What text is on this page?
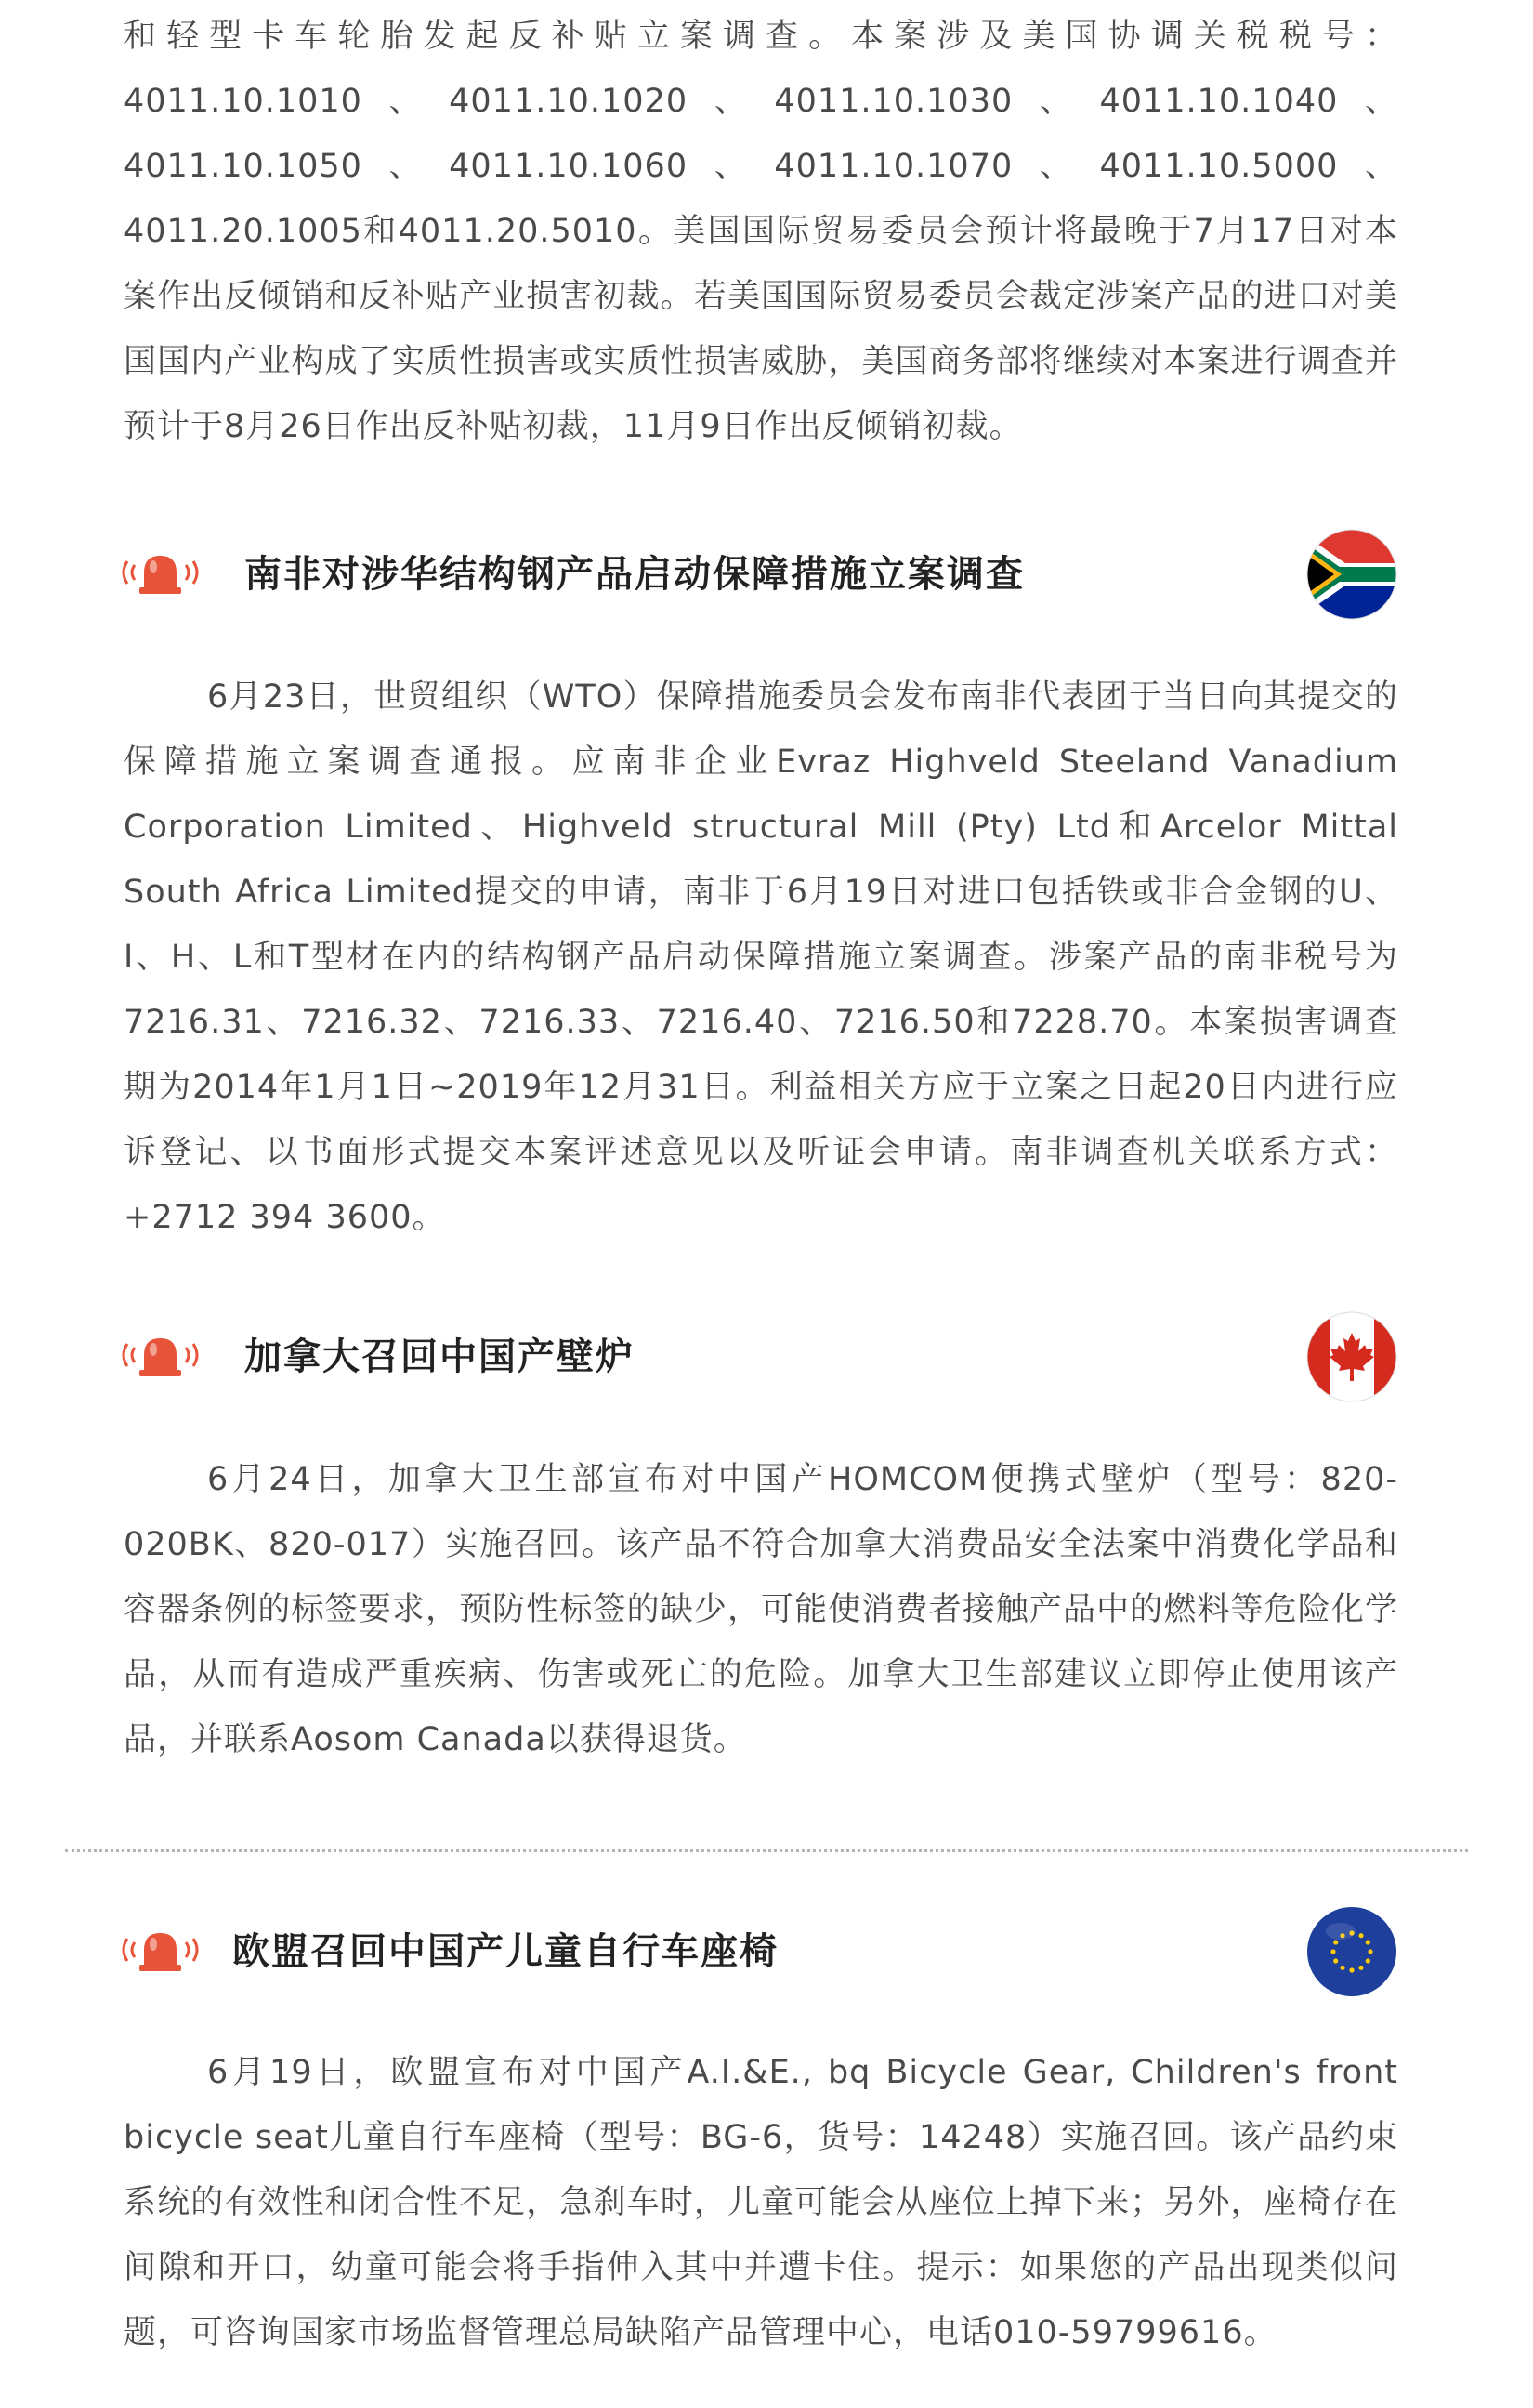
和轻型卡车轮胎发起反补贴立案调查。本案涉及美国协调关税税号：4011.10.1010、4011.10.1020、4011.10.1030、4011.10.1040、4011.10.1050、4011.10.1060、4011.10.1070、4011.10.5000、4011.20.1005和4011.20.5010。美国国际贸易委员会预计将最晚于7月17日对本案作出反倾销和反补贴产业损害初裁。若美国国际贸易委员会裁定涉案产品的进口对美国国内产业构成了实质性损害或实质性损害威胁，美国商务部将继续对本案进行调查并预计于8月26日作出反补贴初裁，11月9日作出反倾销初裁。

南非对涉华结构钢产品启动保障措施立案调查

6月23日，世贸组织（WTO）保障措施委员会发布南非代表团于当日向其提交的保障措施立案调查通报。应南非企业Evraz Highveld Steeland Vanadium Corporation Limited、Highveld structural Mill (Pty) Ltd和Arcelor Mittal South Africa Limited提交的申请，南非于6月19日对进口包括铁或非合金钢的U、I、H、L和T型材在内的结构钢产品启动保障措施立案调查。涉案产品的南非税号为7216.31、7216.32、7216.33、7216.40、7216.50和7228.70。本案损害调查期为2014年1月1日~2019年12月31日。利益相关方应于立案之日起20日内进行应诉登记、以书面形式提交本案评述意见以及听证会申请。南非调查机关联系方式：+2712 394 3600。

加拿大召回中国产壁炉

6月24日，加拿大卫生部宣布对中国产HOMCOM便携式壁炉（型号：820-020BK、820-017）实施召回。该产品不符合加拿大消费品安全法案中消费化学品和容器条例的标签要求，预防性标签的缺少，可能使消费者接触产品中的燃料等危险化学品，从而有造成严重疾病、伤害或死亡的危险。加拿大卫生部建议立即停止使用该产品，并联系Aosom Canada以获得退货。

欧盟召回中国产儿童自行车座椅

6月19日，欧盟宣布对中国产A.I.&E., bq Bicycle Gear, Children's front bicycle seat儿童自行车座椅（型号：BG-6，货号：14248）实施召回。该产品约束系统的有效性和闭合性不足，急刹车时，儿童可能会从座位上掉下来；另外，座椅存在间隙和开口，幼童可能会将手指伸入其中并遭卡住。提示：如果您的产品出现类似问题，可咨询国家市场监督管理总局缺陷产品管理中心，电话010-59799616。
